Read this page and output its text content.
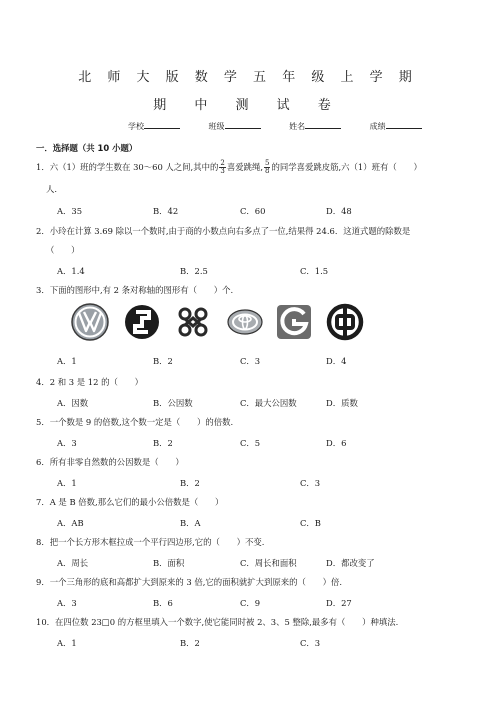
北 师 大 版 数 学 五 年 级 上 学 期
期 中 测 试 卷
学校	班级	姓名	成绩
一．选择题（共 10 小题）
1．六（1）班的学生数在 30～60 人之间,其中的 $\frac{2}{3}$ 喜爱跳绳, $\frac{5}{8}$ 的同学喜爱跳皮筋,六（1）班有（　　）
人.
A．35	B．42	C．60	D．48
2．小玲在计算 3.69 除以一个数时,由于商的小数点向右多点了一位,结果得 24.6．这道式题的除数是
（　　）
A．1.4	B．2.5	C．1.5
3．下面的图形中,有 2 条对称轴的图形有（　　）个.
A．1	B．2	C．3	D．4
4．2 和 3 是 12 的（　　）
A．因数	B．公因数	C．最大公因数	D．质数
5．一个数是 9 的倍数,这个数一定是（　　）的倍数.
A．3	B．2	C．5	D．6
6．所有非零自然数的公因数是（　　）
A．1	B．2	C．3
7．A 是 B 倍数,那么它们的最小公倍数是（　　）
A．AB	B．A	C．B
8．把一个长方形木框拉成一个平行四边形,它的（　　）不变.
A．周长	B．面积	C．周长和面积	D．都改变了
9．一个三角形的底和高都扩大到原来的 3 倍,它的面积就扩大到原来的（　　）倍.
A．3	B．6	C．9	D．27
10．在四位数 23□0 的方框里填入一个数字,使它能同时被 2、3、5 整除,最多有（　　）种填法.
A．1	B．2	C．3
